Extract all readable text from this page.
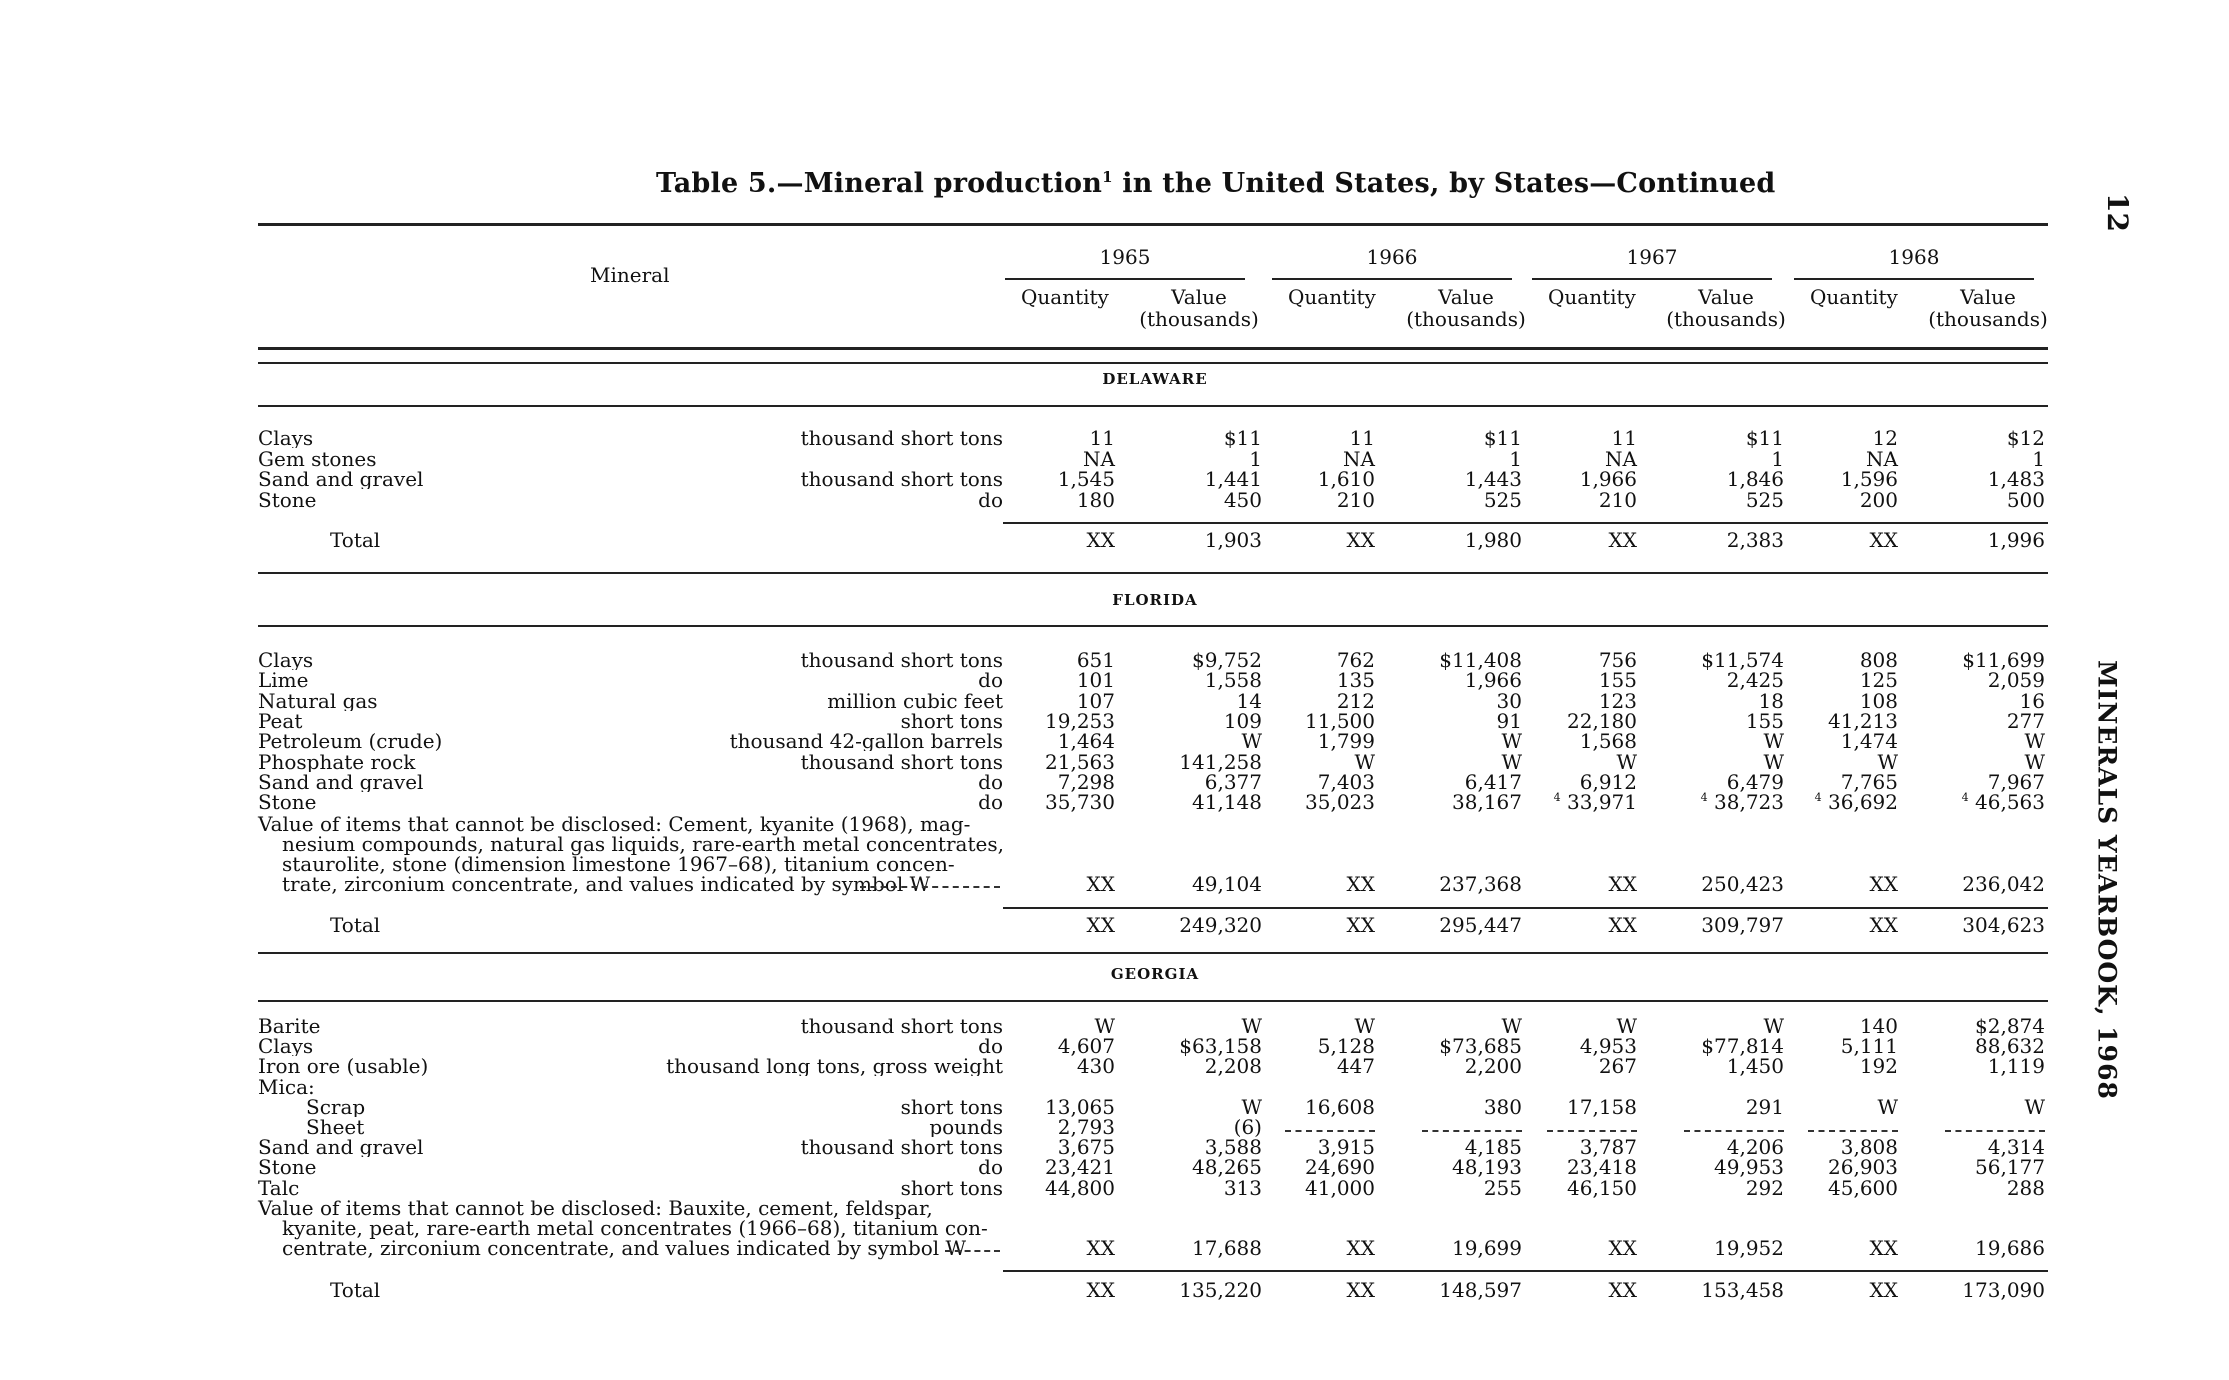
Table 5.—Mineral production$^1$ in the United States, by States—Continued
12
MINERALS YEARBOOK, 1968
Mineral
1965
Quantity	Value
(thousands)
1966
Quantity	Value
(thousands)
1967
Quantity	Value
(thousands)
1968
Quantity	Value
(thousands)
DELAWARE
Clays	thousand short tons	11	$11	11	$11	11	$11	12	$12
Gem stones	NA	1	NA	1	NA	1	NA	1
Sand and gravel	thousand short tons	1,545	1,441	1,610	1,443	1,966	1,846	1,596	1,483
Stone	do	180	450	210	525	210	525	200	500
Total	XX	1,903	XX	1,980	XX	2,383	XX	1,996
FLORIDA
Clays	thousand short tons	651	$9,752	762	$11,408	756	$11,574	808	$11,699
Lime	do	101	1,558	135	1,966	155	2,425	125	2,059
Natural gas	million cubic feet	107	14	212	30	123	18	108	16
Peat	short tons	19,253	109	11,500	91	22,180	155	41,213	277
Petroleum (crude)	thousand 42-gallon barrels	1,464	W	1,799	W	1,568	W	1,474	W
Phosphate rock	thousand short tons	21,563	141,258	W	W	W	W	W	W
Sand and gravel	do	7,298	6,377	7,403	6,417	6,912	6,479	7,765	7,967
Stone	do	35,730	41,148	35,023	38,167	$^4$ 33,971	$^4$ 38,723	$^4$ 36,692	$^4$ 46,563
Value of items that cannot be disclosed: Cement, kyanite (1968), mag-
nesium compounds, natural gas liquids, rare-earth metal concentrates,
staurolite, stone (dimension limestone 1967–68), titanium concen-
trate, zirconium concentrate, and values indicated by symbol W	XX	49,104	XX	237,368	XX	250,423	XX	236,042
Total	XX	249,320	XX	295,447	XX	309,797	XX	304,623
GEORGIA
Barite	thousand short tons	W	W	W	W	W	W	140	$2,874
Clays	do	4,607	$63,158	5,128	$73,685	4,953	$77,814	5,111	88,632
Iron ore (usable)	thousand long tons, gross weight	430	2,208	447	2,200	267	1,450	192	1,119
Mica:
Scrap	short tons	13,065	W	16,608	380	17,158	291	W	W
Sheet	pounds	2,793	(6)
Sand and gravel	thousand short tons	3,675	3,588	3,915	4,185	3,787	4,206	3,808	4,314
Stone	do	23,421	48,265	24,690	48,193	23,418	49,953	26,903	56,177
Talc	short tons	44,800	313	41,000	255	46,150	292	45,600	288
Value of items that cannot be disclosed: Bauxite, cement, feldspar,
kyanite, peat, rare-earth metal concentrates (1966–68), titanium con-
centrate, zirconium concentrate, and values indicated by symbol W	XX	17,688	XX	19,699	XX	19,952	XX	19,686
Total	XX	135,220	XX	148,597	XX	153,458	XX	173,090
